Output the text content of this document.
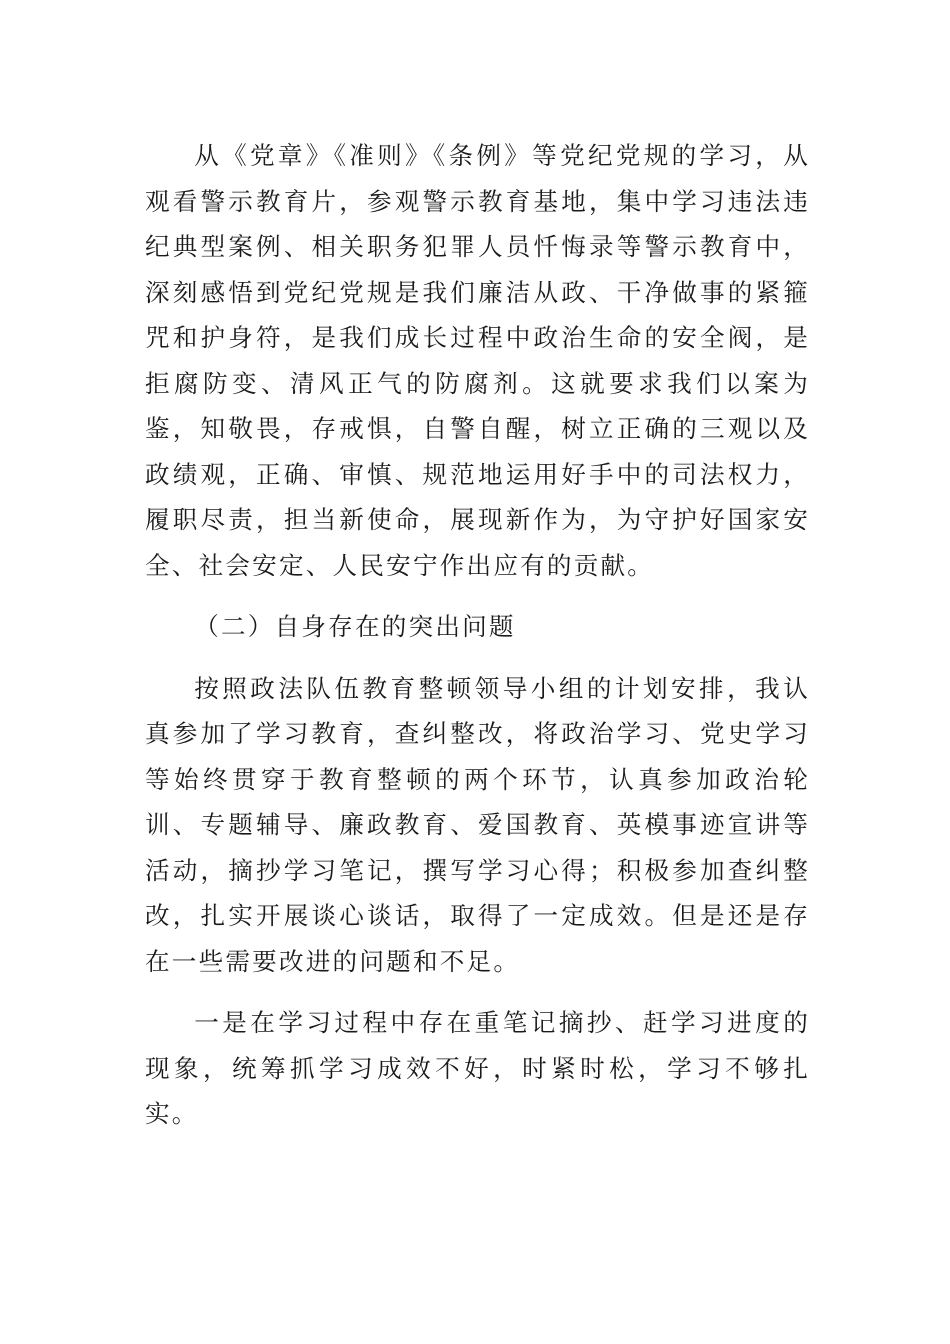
从《党章》《准则》《条例》等党纪党规的学习，从观看警示教育片，参观警示教育基地，集中学习违法违纪典型案例、相关职务犯罪人员忏悔录等警示教育中，深刻感悟到党纪党规是我们廉洁从政、干净做事的紧箍咒和护身符，是我们成长过程中政治生命的安全阀，是拒腐防变、清风正气的防腐剂。这就要求我们以案为鉴，知敬畏，存戒惧，自警自醒，树立正确的三观以及政绩观，正确、审慎、规范地运用好手中的司法权力，履职尽责，担当新使命，展现新作为，为守护好国家安全、社会安定、人民安宁作出应有的贡献。

（二）自身存在的突出问题

按照政法队伍教育整顿领导小组的计划安排，我认真参加了学习教育，查纠整改，将政治学习、党史学习等始终贯穿于教育整顿的两个环节，认真参加政治轮训、专题辅导、廉政教育、爱国教育、英模事迹宣讲等活动，摘抄学习笔记，撰写学习心得；积极参加查纠整改，扎实开展谈心谈话，取得了一定成效。但是还是存在一些需要改进的问题和不足。

一是在学习过程中存在重笔记摘抄、赶学习进度的现象，统筹抓学习成效不好，时紧时松，学习不够扎实。
